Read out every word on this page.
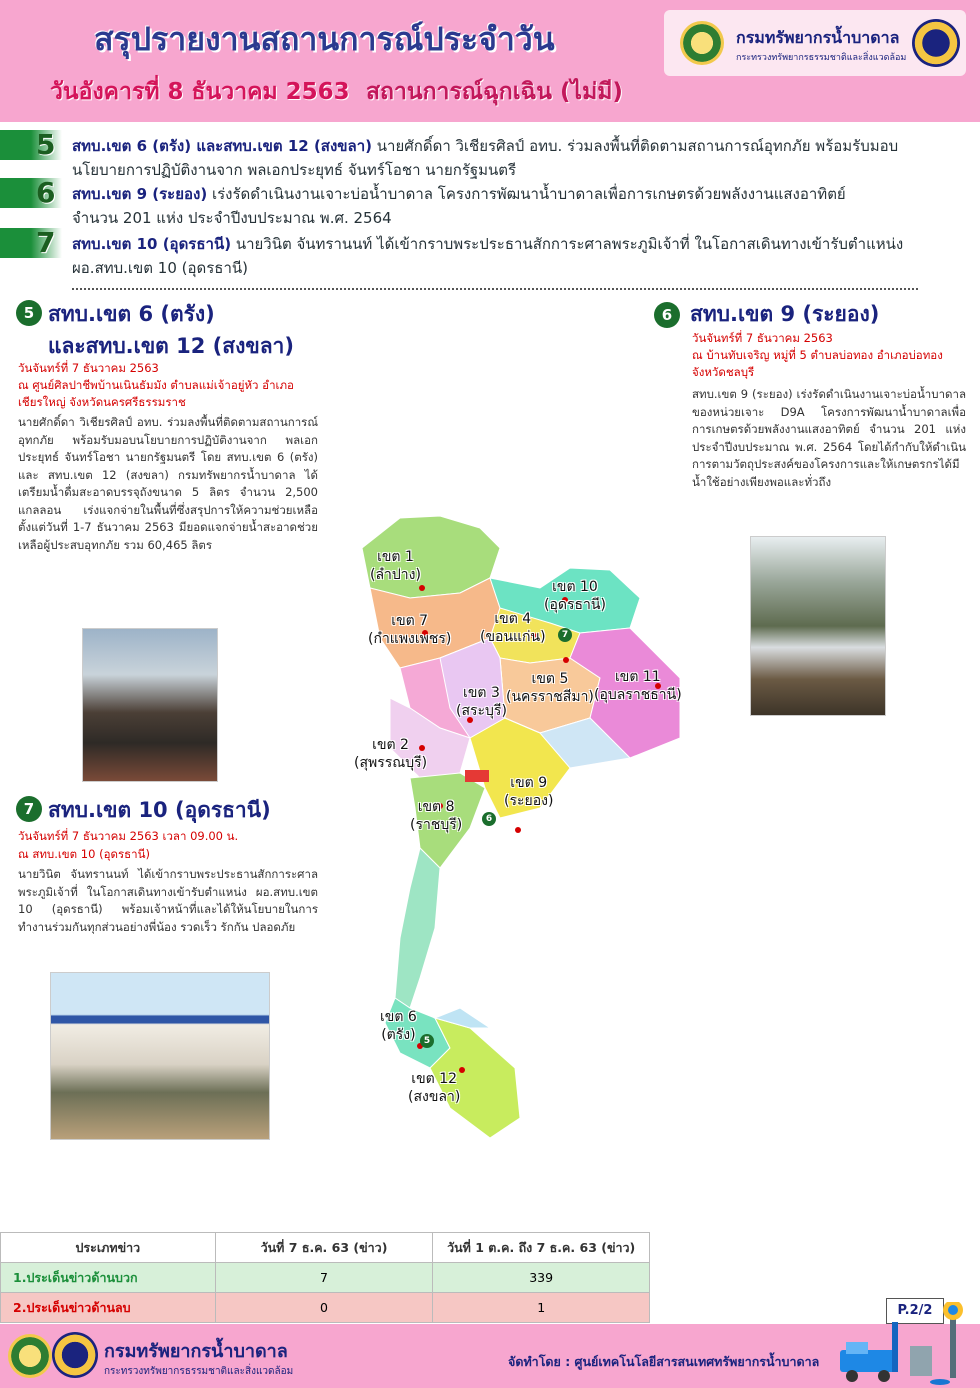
สรุปรายงานสถานการณ์ประจำวัน
วันอังคารที่ 8 ธันวาคม 2563 สถานการณ์ฉุกเฉิน (ไม่มี)
กรมทรัพยากรน้ำบาดาล
กระทรวงทรัพยากรธรรมชาติและสิ่งแวดล้อม
5 สทบ.เขต 6 (ตรัง) และสทบ.เขต 12 (สงขลา) นายศักดิ์ดา วิเชียรศิลป์ อทบ. ร่วมลงพื้นที่ติดตามสถานการณ์อุทกภัย พร้อมรับมอบ
นโยบายการปฏิบัติงานจาก พลเอกประยุทธ์ จันทร์โอชา นายกรัฐมนตรี
6 สทบ.เขต 9 (ระยอง) เร่งรัดดำเนินงานเจาะบ่อน้ำบาดาล โครงการพัฒนาน้ำบาดาลเพื่อการเกษตรด้วยพลังงานแสงอาทิตย์
จำนวน 201 แห่ง ประจำปีงบประมาณ พ.ศ. 2564
7 สทบ.เขต 10 (อุดรธานี) นายวินิต จันทรานนท์ ได้เข้ากราบพระประธานสักการะศาลพระภูมิเจ้าที่ ในโอกาสเดินทางเข้ารับตำแหน่ง
ผอ.สทบ.เขต 10 (อุดรธานี)
5 สทบ.เขต 6 (ตรัง)
และสทบ.เขต 12 (สงขลา)
วันจันทร์ที่ 7 ธันวาคม 2563
ณ ศูนย์ศิลปาชีพบ้านเนินธัมมัง ตำบลแม่เจ้าอยู่หัว อำเภอเชียรใหญ่ จังหวัดนครศรีธรรมราช
นายศักดิ์ดา วิเชียรศิลป์ อทบ. ร่วมลงพื้นที่ติดตามสถานการณ์อุทกภัย พร้อมรับมอบนโยบายการปฏิบัติงานจาก พลเอกประยุทธ์ จันทร์โอชา นายกรัฐมนตรี โดย สทบ.เขต 6 (ตรัง) และ สทบ.เขต 12 (สงขลา) กรมทรัพยากรน้ำบาดาล ได้เตรียมน้ำดื่มสะอาดบรรจุถังขนาด 5 ลิตร จำนวน 2,500 แกลลอน เร่งแจกจ่ายในพื้นที่ซึ่งสรุปการให้ความช่วยเหลือตั้งแต่วันที่ 1-7 ธันวาคม 2563 มียอดแจกจ่ายน้ำสะอาดช่วยเหลือผู้ประสบอุทกภัย รวม 60,465 ลิตร
7 สทบ.เขต 10 (อุดรธานี)
วันจันทร์ที่ 7 ธันวาคม 2563 เวลา 09.00 น.
ณ สทบ.เขต 10 (อุดรธานี)
นายวินิต จันทรานนท์ ได้เข้ากราบพระประธานสักการะศาลพระภูมิเจ้าที่ ในโอกาสเดินทางเข้ารับตำแหน่ง ผอ.สทบ.เขต 10 (อุดรธานี) พร้อมเจ้าหน้าที่และได้ให้นโยบายในการทำงานร่วมกันทุกส่วนอย่างพี่น้อง รวดเร็ว รักกัน ปลอดภัย
6 สทบ.เขต 9 (ระยอง)
วันจันทร์ที่ 7 ธันวาคม 2563
ณ บ้านทับเจริญ หมู่ที่ 5 ตำบลบ่อทอง อำเภอบ่อทอง จังหวัดชลบุรี
สทบ.เขต 9 (ระยอง) เร่งรัดดำเนินงานเจาะบ่อน้ำบาดาล ของหน่วยเจาะ D9A โครงการพัฒนาน้ำบาดาลเพื่อการเกษตรด้วยพลังงานแสงอาทิตย์ จำนวน 201 แห่ง ประจำปีงบประมาณ พ.ศ. 2564 โดยได้กำกับให้ดำเนินการตามวัตถุประสงค์ของโครงการและให้เกษตรกรได้มีน้ำใช้อย่างเพียงพอและทั่วถึง
เขต 1
(ลำปาง)
เขต 7
(กำแพงเพชร)
เขต 4
(ขอนแก่น)
เขต 10
(อุดรธานี)
เขต 3
(สระบุรี)
เขต 5
(นครราชสีมา)
เขต 11
(อุบลราชธานี)
เขต 2
(สุพรรณบุรี)
เขต 9
(ระยอง)
เขต 8
(ราชบุรี)
เขต 6
(ตรัง)
เขต 12
(สงขลา)
7
6
5
ประเภทข่าว	วันที่ 7 ธ.ค. 63 (ข่าว)	วันที่ 1 ต.ค. ถึง 7 ธ.ค. 63 (ข่าว)
1.ประเด็นข่าวด้านบวก	7	339
2.ประเด็นข่าวด้านลบ	0	1	P.2/2
กรมทรัพยากรน้ำบาดาล
กระทรวงทรัพยากรธรรมชาติและสิ่งแวดล้อม
จัดทำโดย : ศูนย์เทคโนโลยีสารสนเทศทรัพยากรน้ำบาดาล
